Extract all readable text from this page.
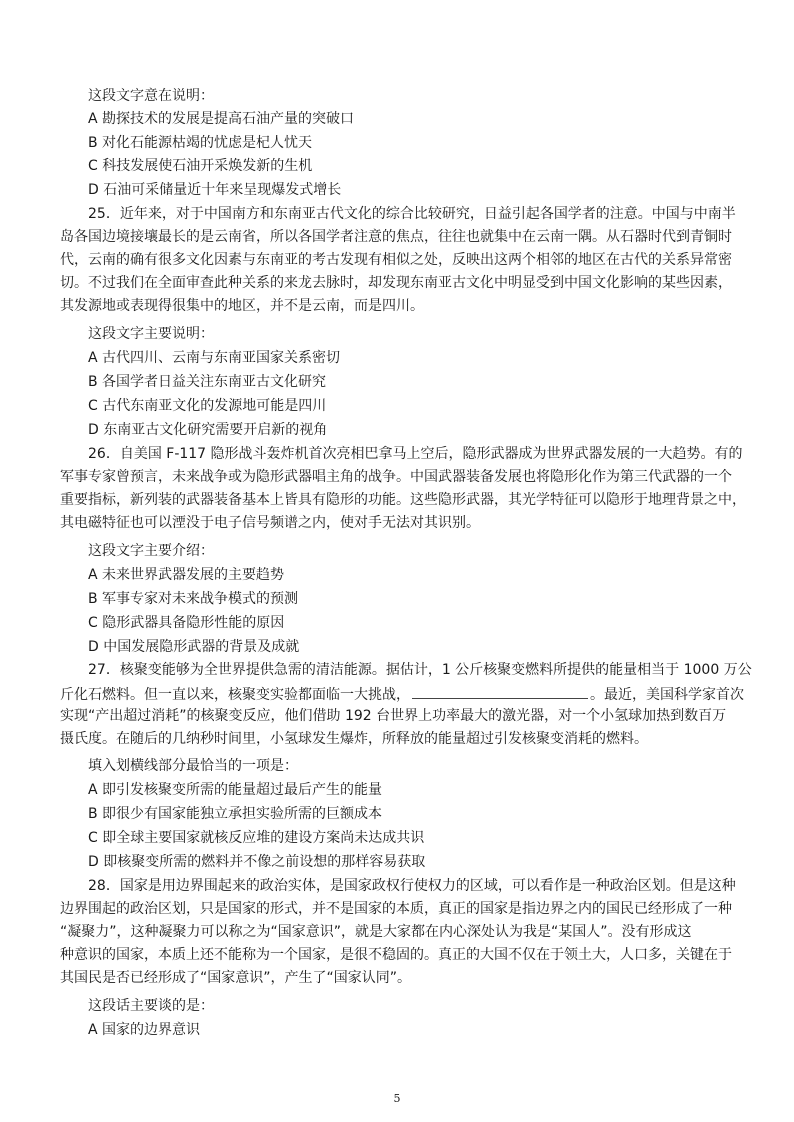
这段文字意在说明：
A 勘探技术的发展是提高石油产量的突破口
B 对化石能源枯竭的忧虑是杞人忧天
C 科技发展使石油开采焕发新的生机
D 石油可采储量近十年来呈现爆发式增长
25．近年来，对于中国南方和东南亚古代文化的综合比较研究，日益引起各国学者的注意。中国与中南半
岛各国边境接壤最长的是云南省，所以各国学者注意的焦点，往往也就集中在云南一隅。从石器时代到青铜时
代，云南的确有很多文化因素与东南亚的考古发现有相似之处，反映出这两个相邻的地区在古代的关系异常密
切。不过我们在全面审查此种关系的来龙去脉时，却发现东南亚古文化中明显受到中国文化影响的某些因素，
其发源地或表现得很集中的地区，并不是云南，而是四川。
这段文字主要说明：
A 古代四川、云南与东南亚国家关系密切
B 各国学者日益关注东南亚古文化研究
C 古代东南亚文化的发源地可能是四川
D 东南亚古文化研究需要开启新的视角
26．自美国 F-117 隐形战斗轰炸机首次亮相巴拿马上空后，隐形武器成为世界武器发展的一大趋势。有的
军事专家曾预言，未来战争或为隐形武器唱主角的战争。中国武器装备发展也将隐形化作为第三代武器的一个
重要指标，新列装的武器装备基本上皆具有隐形的功能。这些隐形武器，其光学特征可以隐形于地理背景之中，
其电磁特征也可以湮没于电子信号频谱之内，使对手无法对其识别。
这段文字主要介绍：
A 未来世界武器发展的主要趋势
B 军事专家对未来战争模式的预测
C 隐形武器具备隐形性能的原因
D 中国发展隐形武器的背景及成就
27．核聚变能够为全世界提供急需的清洁能源。据估计，1 公斤核聚变燃料所提供的能量相当于 1000 万公
斤化石燃料。但一直以来，核聚变实验都面临一大挑战，	。最近，美国科学家首次
实现“产出超过消耗”的核聚变反应，他们借助 192 台世界上功率最大的激光器，对一个小氢球加热到数百万
摄氏度。在随后的几纳秒时间里，小氢球发生爆炸，所释放的能量超过引发核聚变消耗的燃料。
填入划横线部分最恰当的一项是：
A 即引发核聚变所需的能量超过最后产生的能量
B 即很少有国家能独立承担实验所需的巨额成本
C 即全球主要国家就核反应堆的建设方案尚未达成共识
D 即核聚变所需的燃料并不像之前设想的那样容易获取
28．国家是用边界围起来的政治实体，是国家政权行使权力的区域，可以看作是一种政治区划。但是这种
边界围起的政治区划，只是国家的形式，并不是国家的本质，真正的国家是指边界之内的国民已经形成了一种
“凝聚力”，这种凝聚力可以称之为“国家意识”，就是大家都在内心深处认为我是“某国人”。没有形成这
种意识的国家，本质上还不能称为一个国家，是很不稳固的。真正的大国不仅在于领土大，人口多，关键在于
其国民是否已经形成了“国家意识”，产生了“国家认同”。
这段话主要谈的是：
A 国家的边界意识
5
